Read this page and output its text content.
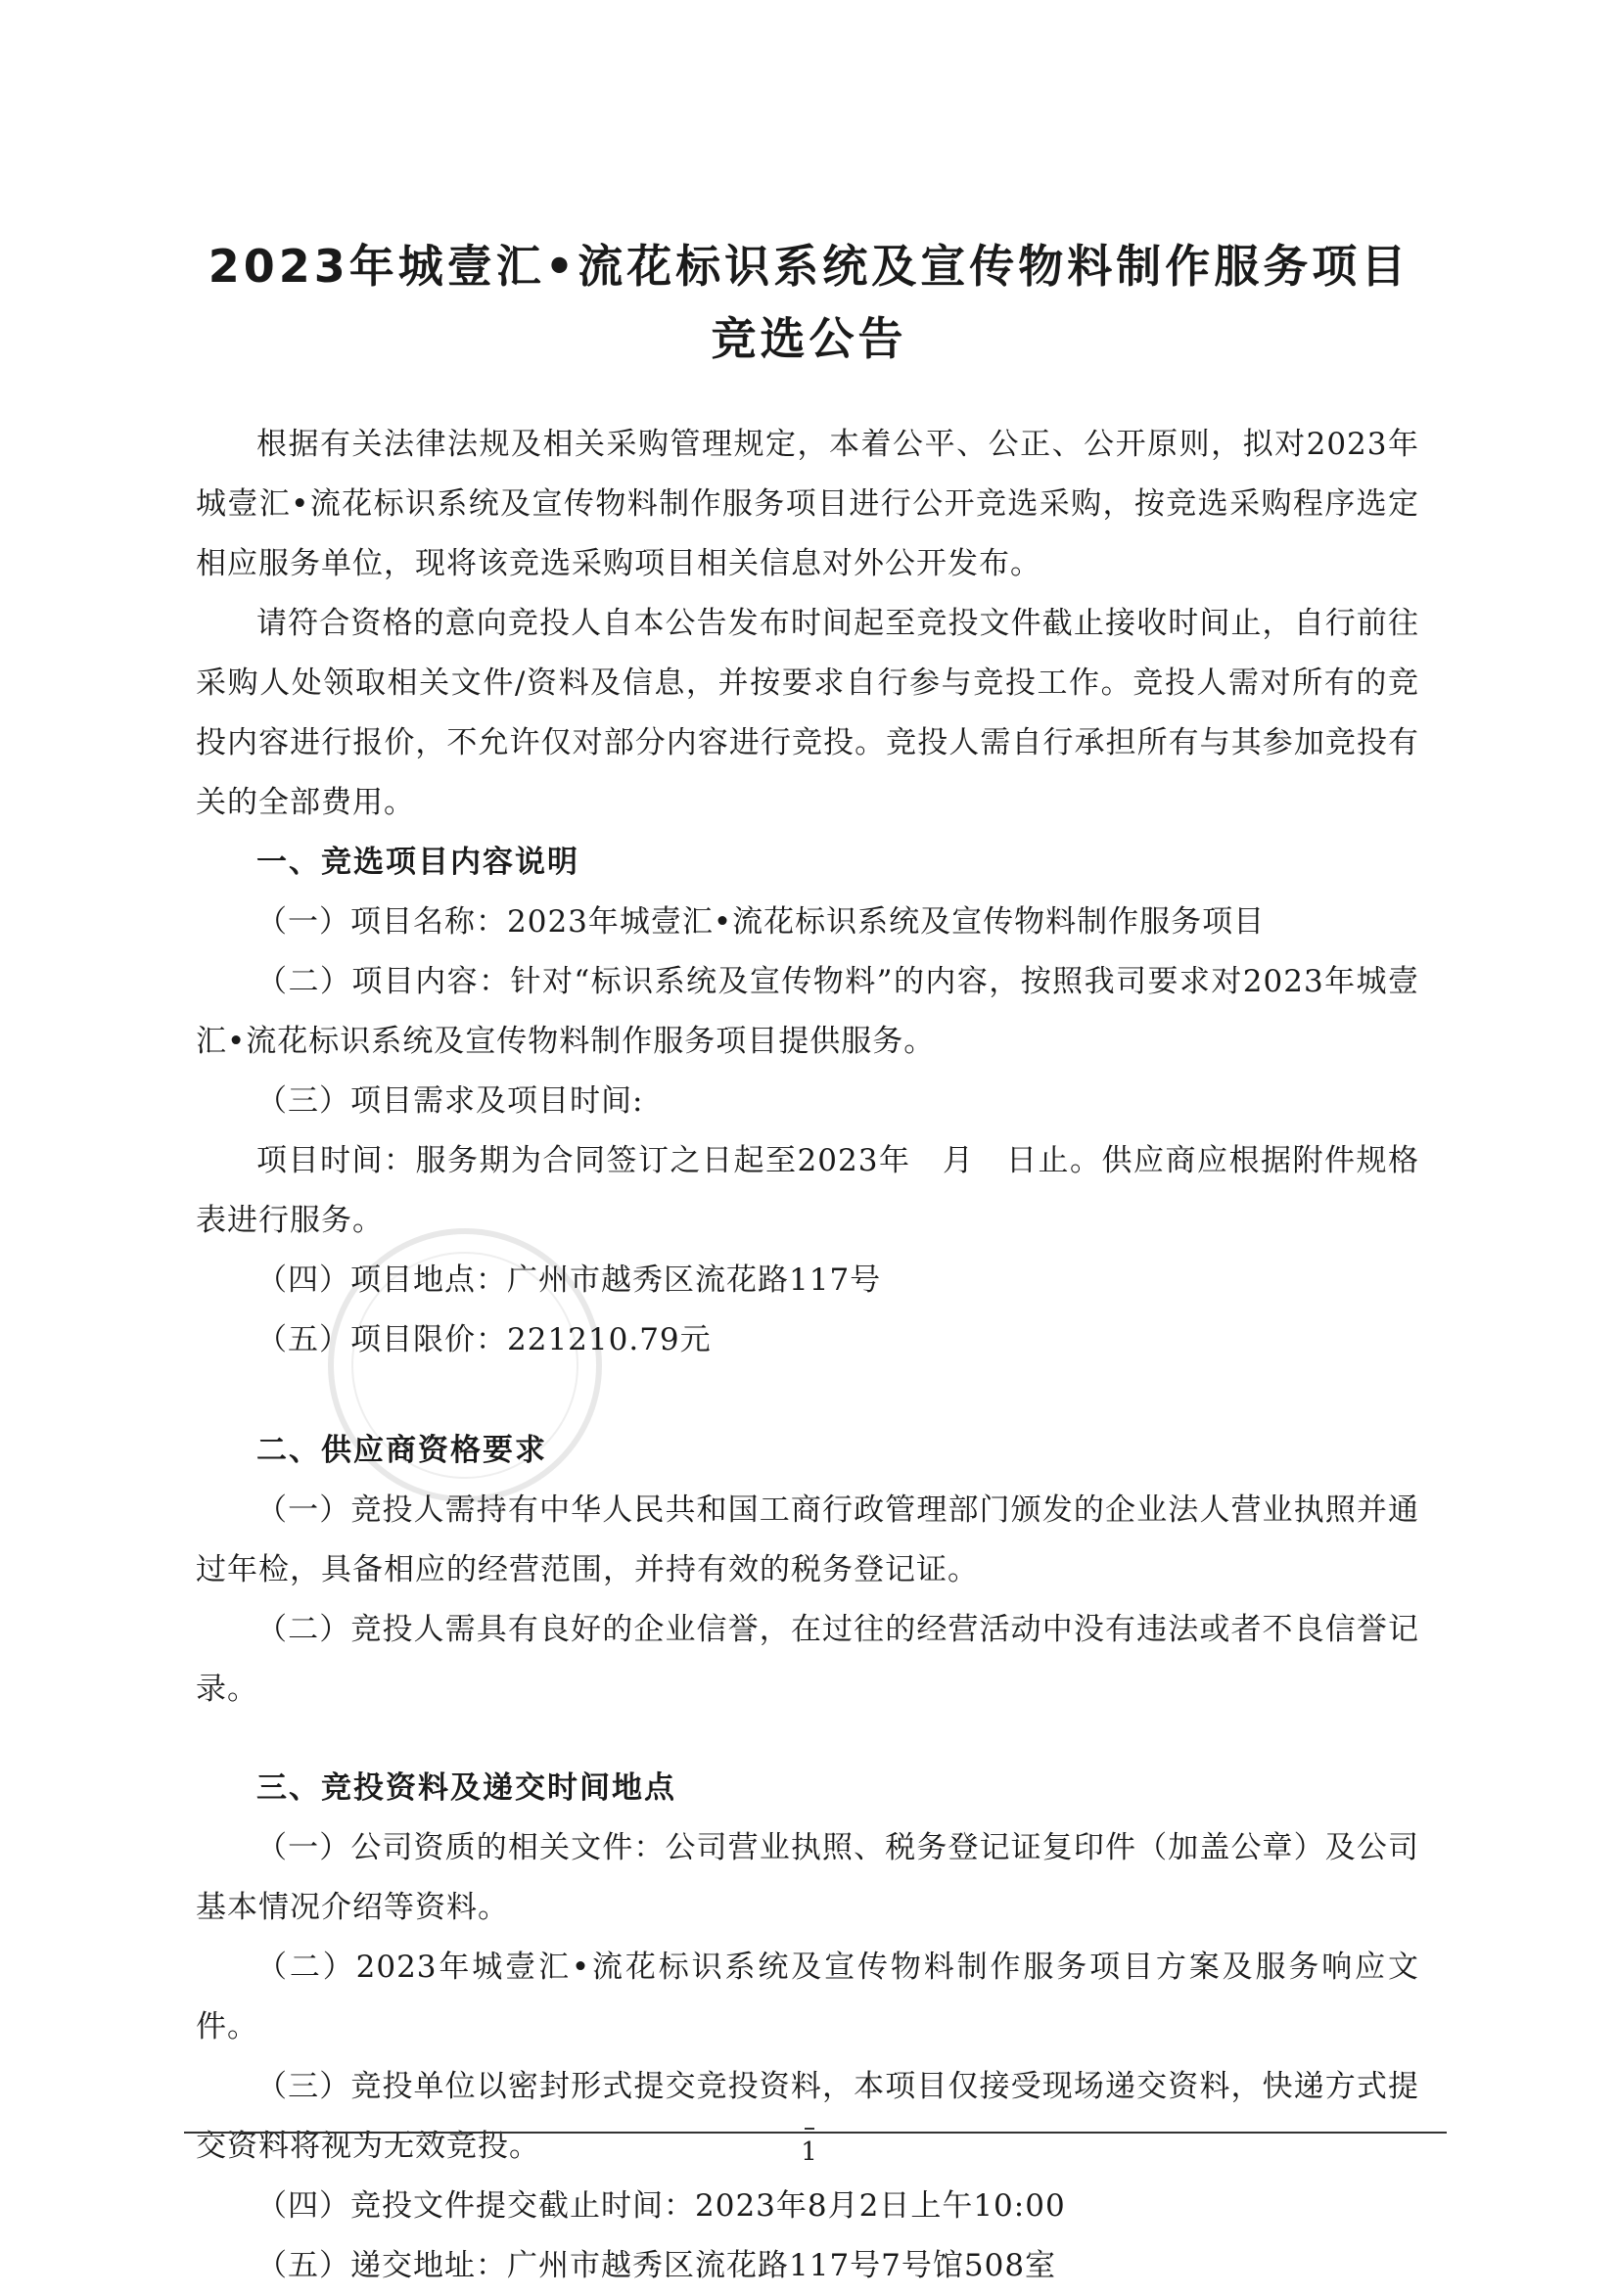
2023年城壹汇•流花标识系统及宣传物料制作服务项目
竞选公告

根据有关法律法规及相关采购管理规定，本着公平、公正、公开原则，拟对2023年城壹汇•流花标识系统及宣传物料制作服务项目进行公开竞选采购，按竞选采购程序选定相应服务单位，现将该竞选采购项目相关信息对外公开发布。

请符合资格的意向竞投人自本公告发布时间起至竞投文件截止接收时间止，自行前往采购人处领取相关文件/资料及信息，并按要求自行参与竞投工作。竞投人需对所有的竞投内容进行报价，不允许仅对部分内容进行竞投。竞投人需自行承担所有与其参加竞投有关的全部费用。

一、竞选项目内容说明

（一）项目名称：2023年城壹汇•流花标识系统及宣传物料制作服务项目

（二）项目内容：针对“标识系统及宣传物料”的内容，按照我司要求对2023年城壹汇•流花标识系统及宣传物料制作服务项目提供服务。

（三）项目需求及项目时间:

项目时间：服务期为合同签订之日起至2023年　月　日止。供应商应根据附件规格表进行服务。

（四）项目地点：广州市越秀区流花路117号

（五）项目限价：221210.79元

二、供应商资格要求

（一）竞投人需持有中华人民共和国工商行政管理部门颁发的企业法人营业执照并通过年检，具备相应的经营范围，并持有效的税务登记证。

（二）竞投人需具有良好的企业信誉，在过往的经营活动中没有违法或者不良信誉记录。

三、竞投资料及递交时间地点

（一）公司资质的相关文件：公司营业执照、税务登记证复印件（加盖公章）及公司基本情况介绍等资料。

（二）2023年城壹汇•流花标识系统及宣传物料制作服务项目方案及服务响应文件。

（三）竞投单位以密封形式提交竞投资料，本项目仅接受现场递交资料，快递方式提交资料将视为无效竞投。

（四）竞投文件提交截止时间：2023年8月2日上午10:00

（五）递交地址：广州市越秀区流花路117号7号馆508室

1
